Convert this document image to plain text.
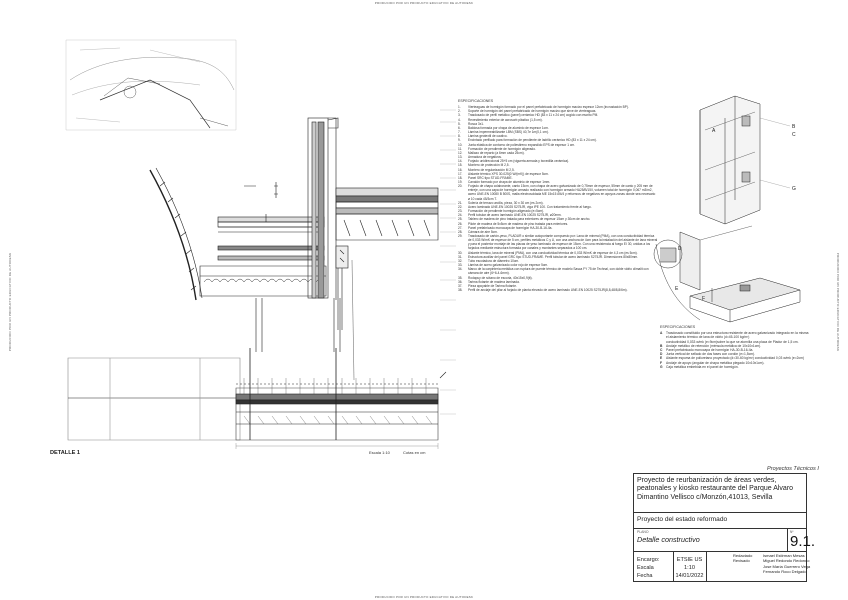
PRODUCIDO POR UN PRODUCTO EDUCATIVO DE AUTODESK
PRODUCIDO POR UN PRODUCTO EDUCATIVO DE AUTODESK
PRODUCIDO POR UN PRODUCTO EDUCATIVO DE AUTODESK	PRODUCIDO POR UN PRODUCTO EDUCATIVO DE AUTODESK
B
C
G
A
F
E
D
ESPECIFICACIONES
1.	Vierteaguas de hormigón formado por el panel prefabricado de hormigón macizo espesor 12cm (incrustación BP).
2.	Soporte de hormigón del panel prefabricado de hormigón macizo que sirve de vierteaguas.
3.	Trasdosado de perfil metálico (panel) cerámico HD (83 x 11 x 24 cm) cogido con escrito PM.
4.	Revestimiento exterior de acrosorb plástico (1,5 cm).
5.	Rosca 3x1.
6.	Baldosa formada por chapa de aluminio de espesor 1cm.
7.	Lámina impermeabilizante LBM (SBS) 40,7e 1m(0,1 cm).
8.	Lámina geotextil de cautivo.
9.	Encintado perfilado para formación de pendiente de ladrillo cerámico HD (83 x 11 x 24 cm).
10.	Junta elástica de contorno de poliestireno expandido EPS de espesor 1 cm.
11.	Formación de pendiente de hormigón aligerado.
12.	Mallazo de reparto (a 6mm cada 25cm).
13.	Armadura de negativos.
14.	Forjado unidireccional 25+5 cm (viguerta armada y bovedilla cerámica).
15.	Montero de protección M 2,5.
16.	Montero de regularización M 2,5.
17.	Aislante térmico XPS 30-025(0 W/(mK)) de espesor 5cm.
18.	Panel SRC tipo STUD-FRAME.
19.	Canalón formado por chapa de aluminio de espesor 1mm.
20.	Forjado de chapa colaborante, canto 15cm, con chapa de acero galvanizado de 0,75mm de espesor, 55mm de canto y 205 mm de entreje, con una capa de hormigón armado realizado con hormigón armado HA25/B/15/I, volumen total de hormigón 0,067 m3/m2, acero UNE-EN 10080 B 500S, malla electrosoldada ME 15x15 Ø4/4 y refuerzos de negativos en apoyos zonas donde sea necesario ø 10 cada 45/3cm T.
21.	Solería de terrazo arcilla, pieza, 30 x 30 cm (es 2cm).
22.	Acero laminado UNE-EN 10025 S275JR, viga IPE 100. Con tratamiento frente al fuego.
23.	Formación de pendiente hormigón aligerado (e=5cm).
24.	Perfil tubular de acero laminado UNE-EN 10025 S275JR, ø20mm.
25.	Tablero de madera de pino tratada para exteriores de espesor 15cm y 30cm de ancho.
26.	Pilote de madera de 5x5cm de madera de pino tratada para exteriores.
27.	Panel prefabricado monocapa de hormigón HA-30-B-16-IIa.
28.	Cámara de aire 5cm.
29.	Trasdosado de cartón-yeso, PLADUR o similar autoportante compuesto por: Lana de mineral (PMA), con una conductividad térmica de 0,033 W/mK de espesor de 5 cm, perfiles metálicos C y U, con una anchura de 4cm para la instalación del aislante de lana mineral y para el posterior montaje de las placas de yeso laminado de espesor de 15cm. Con una resistencia al fuego EI 30, unidas a los forjados mediante estructura formada por canales y montantes separados a 100 cm.
30.	Aislante térmico, lana de mineral (PMA), con una conductividad térmica de 0,033 W/mK de espesor de 4,3 cm (es 5cm).
31.	Estructura auxiliar del panel GRC tipo STUD-FRAME. Perfil tubular de acero laminado S275JR. Dimensiones 80x80mm.
32.	Tubo escotadura de diámetro 10cm.
33.	Lámina de acero galvanizado color rojo de espesor 5cm.
34.	Marco de la carpintería metálica con ruptura de puente térmico de modelo Sasca FY 75 de Technal, con doble vidrio climalit con cámara de aire (6+6-4-6mm).
35.	Rodapuy de sótano de escoria, 40x15x0,9(tt).
36.	Tarima flotante de madera laminada.
37.	Pieza apoyable de Tarima flotante.
38.	Perfil de anclaje del pilar al forjado de planta elevado de acero laminado UNE-EN 10025 S275JR(8,8,48/8,8/6m).
ESPECIFICACIONES
A	Trasdosado constituido por una estructura resistente de acero galvanizado integrado en la misma
el aislamiento térmico de lana de vidrio (d=45-100 kg/m³)
conductividad 0,033 w/mk (e=9cm)sobre la que se atornilla una placa de Pladur de 1,5 cm.
B	Anclaje metálico de retención (ménsula metálica de 10x10x1cm).
C	Panel prefabricado monocapa de hormigón HA-30-B-16-IIa.
D	Junta vertical de sellado de dos fases con cordón (e=1,5cm).
E	Aislante espuma de poliuretano proyectado (d=30-60 kg/m³) conductividad 0,03 w/mk (e=2cm)
F	Anclaje de apoyo (angular de chapa metálica plegado 10x10x1cm).
G	Caja metálica embebida en el panel de hormigón.
DETALLE 1	Escala 1:10	Cotas en cm
Proyectos Técnicos I
Proyecto de reurbanización de áreas verdes, peatonales y kiosko restaurante del Parque Alvaro Dimantino Vellisco c/Monzón,41013, Sevilla
Proyecto del estado reformado
PLANO
Detalle constructivo
Nº
9.1.
Encargo:	ETSIE US
Escala	1:10
Fecha	14/01/2022
Redactado	Ismael Estirman Mesas
Revisado	Miguel Redondo Redondo
Jose María Guerrero Vega
Fernando Roco Delgado
